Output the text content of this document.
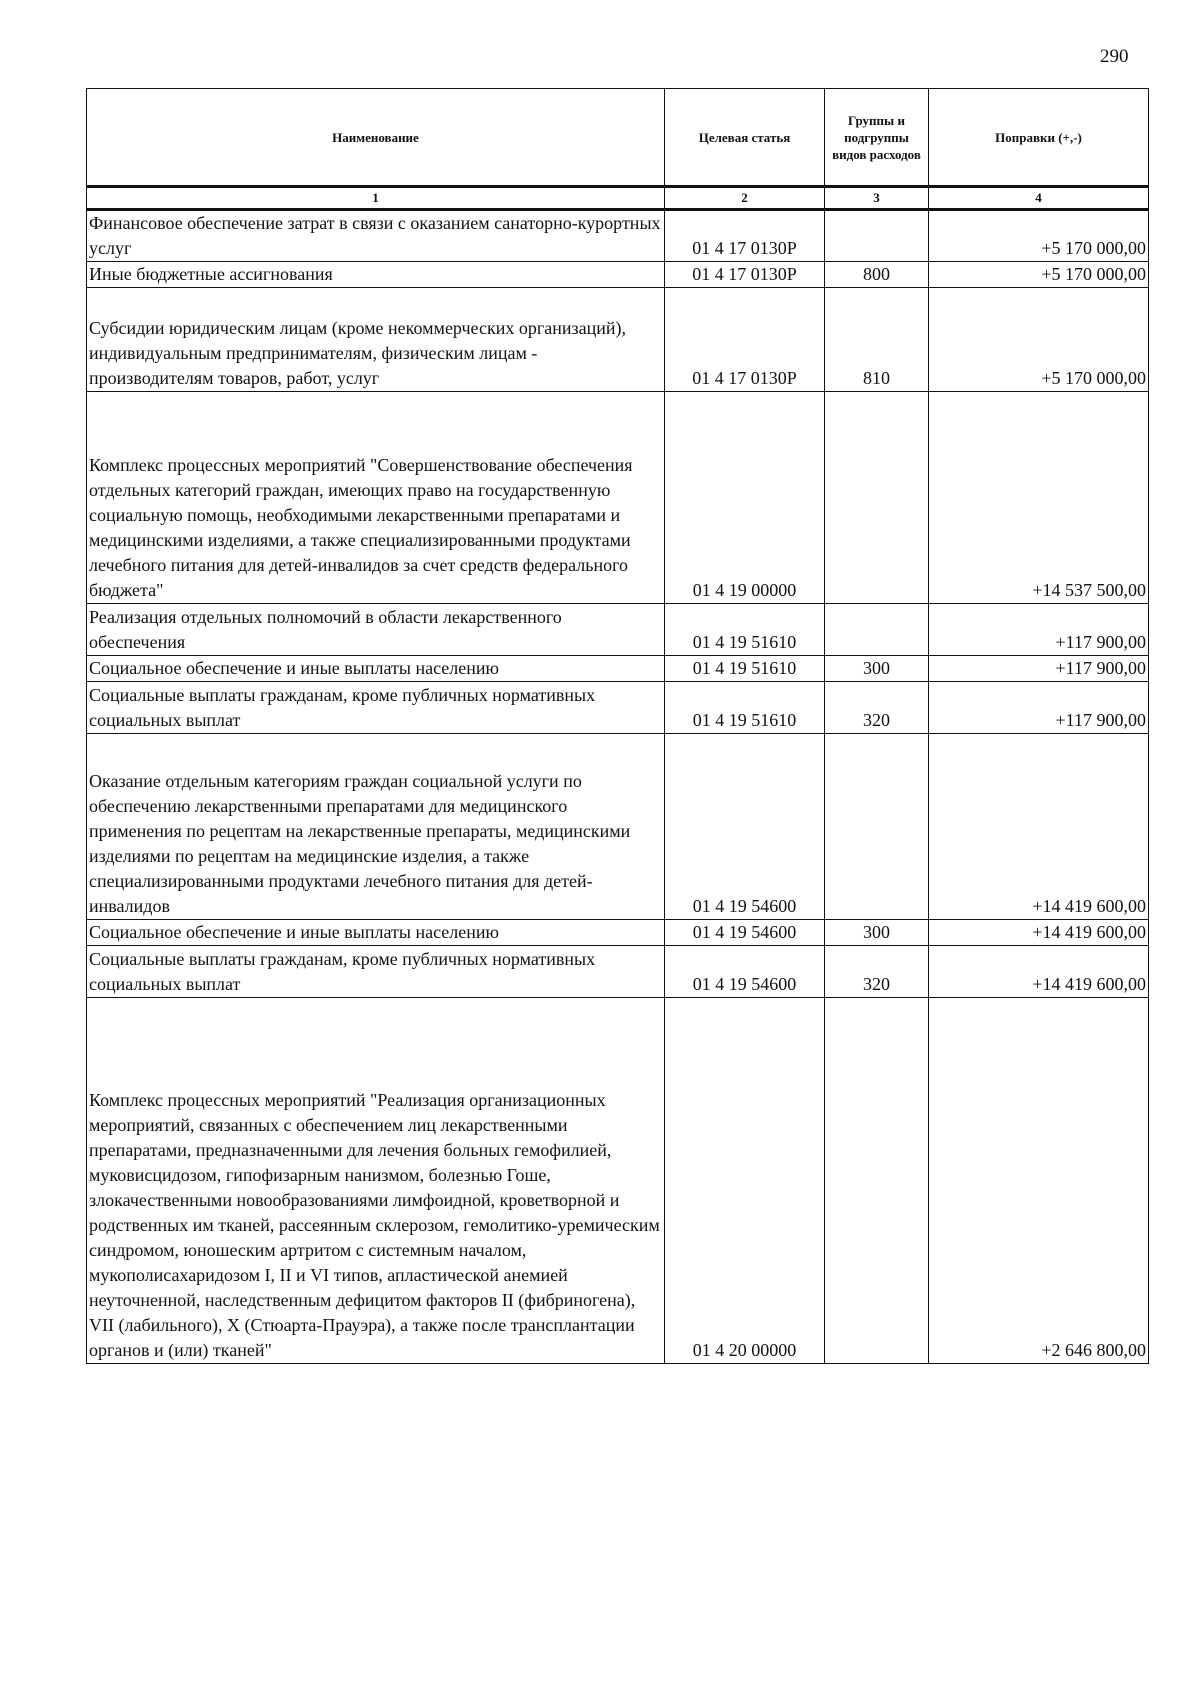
290
Наименование	Целевая статья	Группы и подгруппы видов расходов	Поправки (+,-)
1	2	3	4
Финансовое обеспечение затрат в связи с оказанием санаторно-курортных услуг	01 4 17 0130Р		+5 170 000,00
Иные бюджетные ассигнования	01 4 17 0130Р	800	+5 170 000,00
Субсидии юридическим лицам (кроме некоммерческих организаций), индивидуальным предпринимателям, физическим лицам - производителям товаров, работ, услуг	01 4 17 0130Р	810	+5 170 000,00
Комплекс процессных мероприятий "Совершенствование обеспечения отдельных категорий граждан, имеющих право на государственную социальную помощь, необходимыми лекарственными препаратами и медицинскими изделиями, а также специализированными продуктами лечебного питания для детей-инвалидов за счет средств федерального бюджета"	01 4 19 00000		+14 537 500,00
Реализация отдельных полномочий в области лекарственного обеспечения	01 4 19 51610		+117 900,00
Социальное обеспечение и иные выплаты населению	01 4 19 51610	300	+117 900,00
Социальные выплаты гражданам, кроме публичных нормативных социальных выплат	01 4 19 51610	320	+117 900,00
Оказание отдельным категориям граждан социальной услуги по обеспечению лекарственными препаратами для медицинского применения по рецептам на лекарственные препараты, медицинскими изделиями по рецептам на медицинские изделия, а также специализированными продуктами лечебного питания для детей-инвалидов	01 4 19 54600		+14 419 600,00
Социальное обеспечение и иные выплаты населению	01 4 19 54600	300	+14 419 600,00
Социальные выплаты гражданам, кроме публичных нормативных социальных выплат	01 4 19 54600	320	+14 419 600,00
Комплекс процессных мероприятий "Реализация организационных мероприятий, связанных с обеспечением лиц лекарственными препаратами, предназначенными для лечения больных гемофилией, муковисцидозом, гипофизарным нанизмом, болезнью Гоше, злокачественными новообразованиями лимфоидной, кроветворной и родственных им тканей, рассеянным склерозом, гемолитико-уремическим синдромом, юношеским артритом с системным началом, мукополисахаридозом I, II и VI типов, апластической анемией неуточненной, наследственным дефицитом факторов II (фибриногена), VII (лабильного), X (Стюарта-Прауэра), а также после трансплантации органов и (или) тканей"	01 4 20 00000		+2 646 800,00
